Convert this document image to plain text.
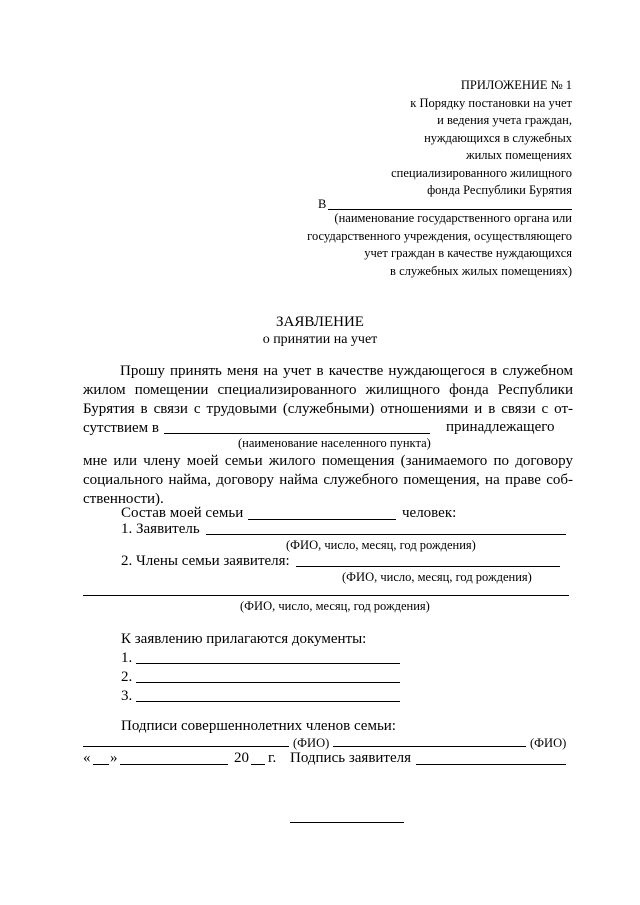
ПРИЛОЖЕНИЕ № 1
к Порядку постановки на учет
и ведения учета граждан,
нуждающихся в служебных
жилых помещениях
специализированного жилищного
фонда Республики Бурятия
В
(наименование государственного органа или
государственного учреждения, осуществляющего
учет граждан в качестве нуждающихся
в служебных жилых помещениях)
ЗАЯВЛЕНИЕ
о принятии на учет
Прошу принять меня на учет в качестве нуждающегося в служебном
жилом помещении специализированного жилищного фонда Республики
Бурятия в связи с трудовыми (служебными) отношениями и в связи с от-
сутствием в	принадлежащего
(наименование населенного пункта)
мне или члену моей семьи жилого помещения (занимаемого по договору
социального найма, договору найма служебного помещения, на праве соб-
ственности).
Состав моей семьи	человек:
1. Заявитель
(ФИО, число, месяц, год рождения)
2. Члены семьи заявителя:
(ФИО, число, месяц, год рождения)
(ФИО, число, месяц, год рождения)
К заявлению прилагаются документы:
1.
2.
3.
Подписи совершеннолетних членов семьи:
(ФИО)	(ФИО)
« »	20 г. Подпись заявителя
